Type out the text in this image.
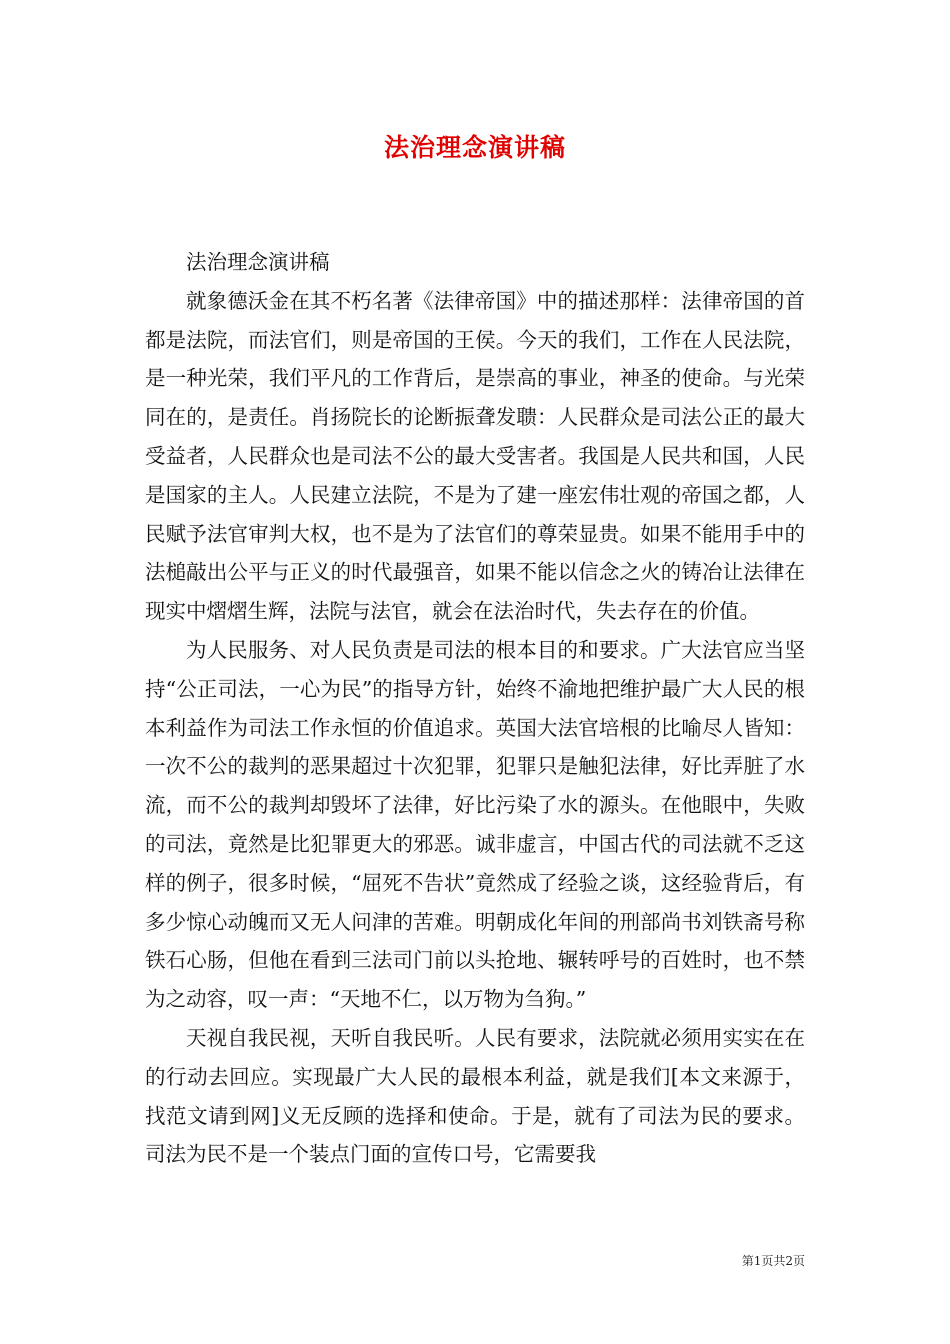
法治理念演讲稿

法治理念演讲稿

就象德沃金在其不朽名著《法律帝国》中的描述那样：法律帝国的首都是法院，而法官们，则是帝国的王侯。今天的我们，工作在人民法院，是一种光荣，我们平凡的工作背后，是崇高的事业，神圣的使命。与光荣同在的，是责任。肖扬院长的论断振聋发聩：人民群众是司法公正的最大受益者，人民群众也是司法不公的最大受害者。我国是人民共和国，人民是国家的主人。人民建立法院，不是为了建一座宏伟壮观的帝国之都，人民赋予法官审判大权，也不是为了法官们的尊荣显贵。如果不能用手中的法槌敲出公平与正义的时代最强音，如果不能以信念之火的铸冶让法律在现实中熠熠生辉，法院与法官，就会在法治时代，失去存在的价值。

为人民服务、对人民负责是司法的根本目的和要求。广大法官应当坚持“公正司法，一心为民”的指导方针，始终不渝地把维护最广大人民的根本利益作为司法工作永恒的价值追求。英国大法官培根的比喻尽人皆知：一次不公的裁判的恶果超过十次犯罪，犯罪只是触犯法律，好比弄脏了水流，而不公的裁判却毁坏了法律，好比污染了水的源头。在他眼中，失败的司法，竟然是比犯罪更大的邪恶。诚非虚言，中国古代的司法就不乏这样的例子，很多时候，“屈死不告状”竟然成了经验之谈，这经验背后，有多少惊心动魄而又无人问津的苦难。明朝成化年间的刑部尚书刘铁斋号称铁石心肠，但他在看到三法司门前以头抢地、辗转呼号的百姓时，也不禁为之动容，叹一声：“天地不仁，以万物为刍狗。”

天视自我民视，天听自我民听。人民有要求，法院就必须用实实在在的行动去回应。实现最广大人民的最根本利益，就是我们[本文来源于，找范文请到网]义无反顾的选择和使命。于是，就有了司法为民的要求。司法为民不是一个装点门面的宣传口号，它需要我

第1页共2页
